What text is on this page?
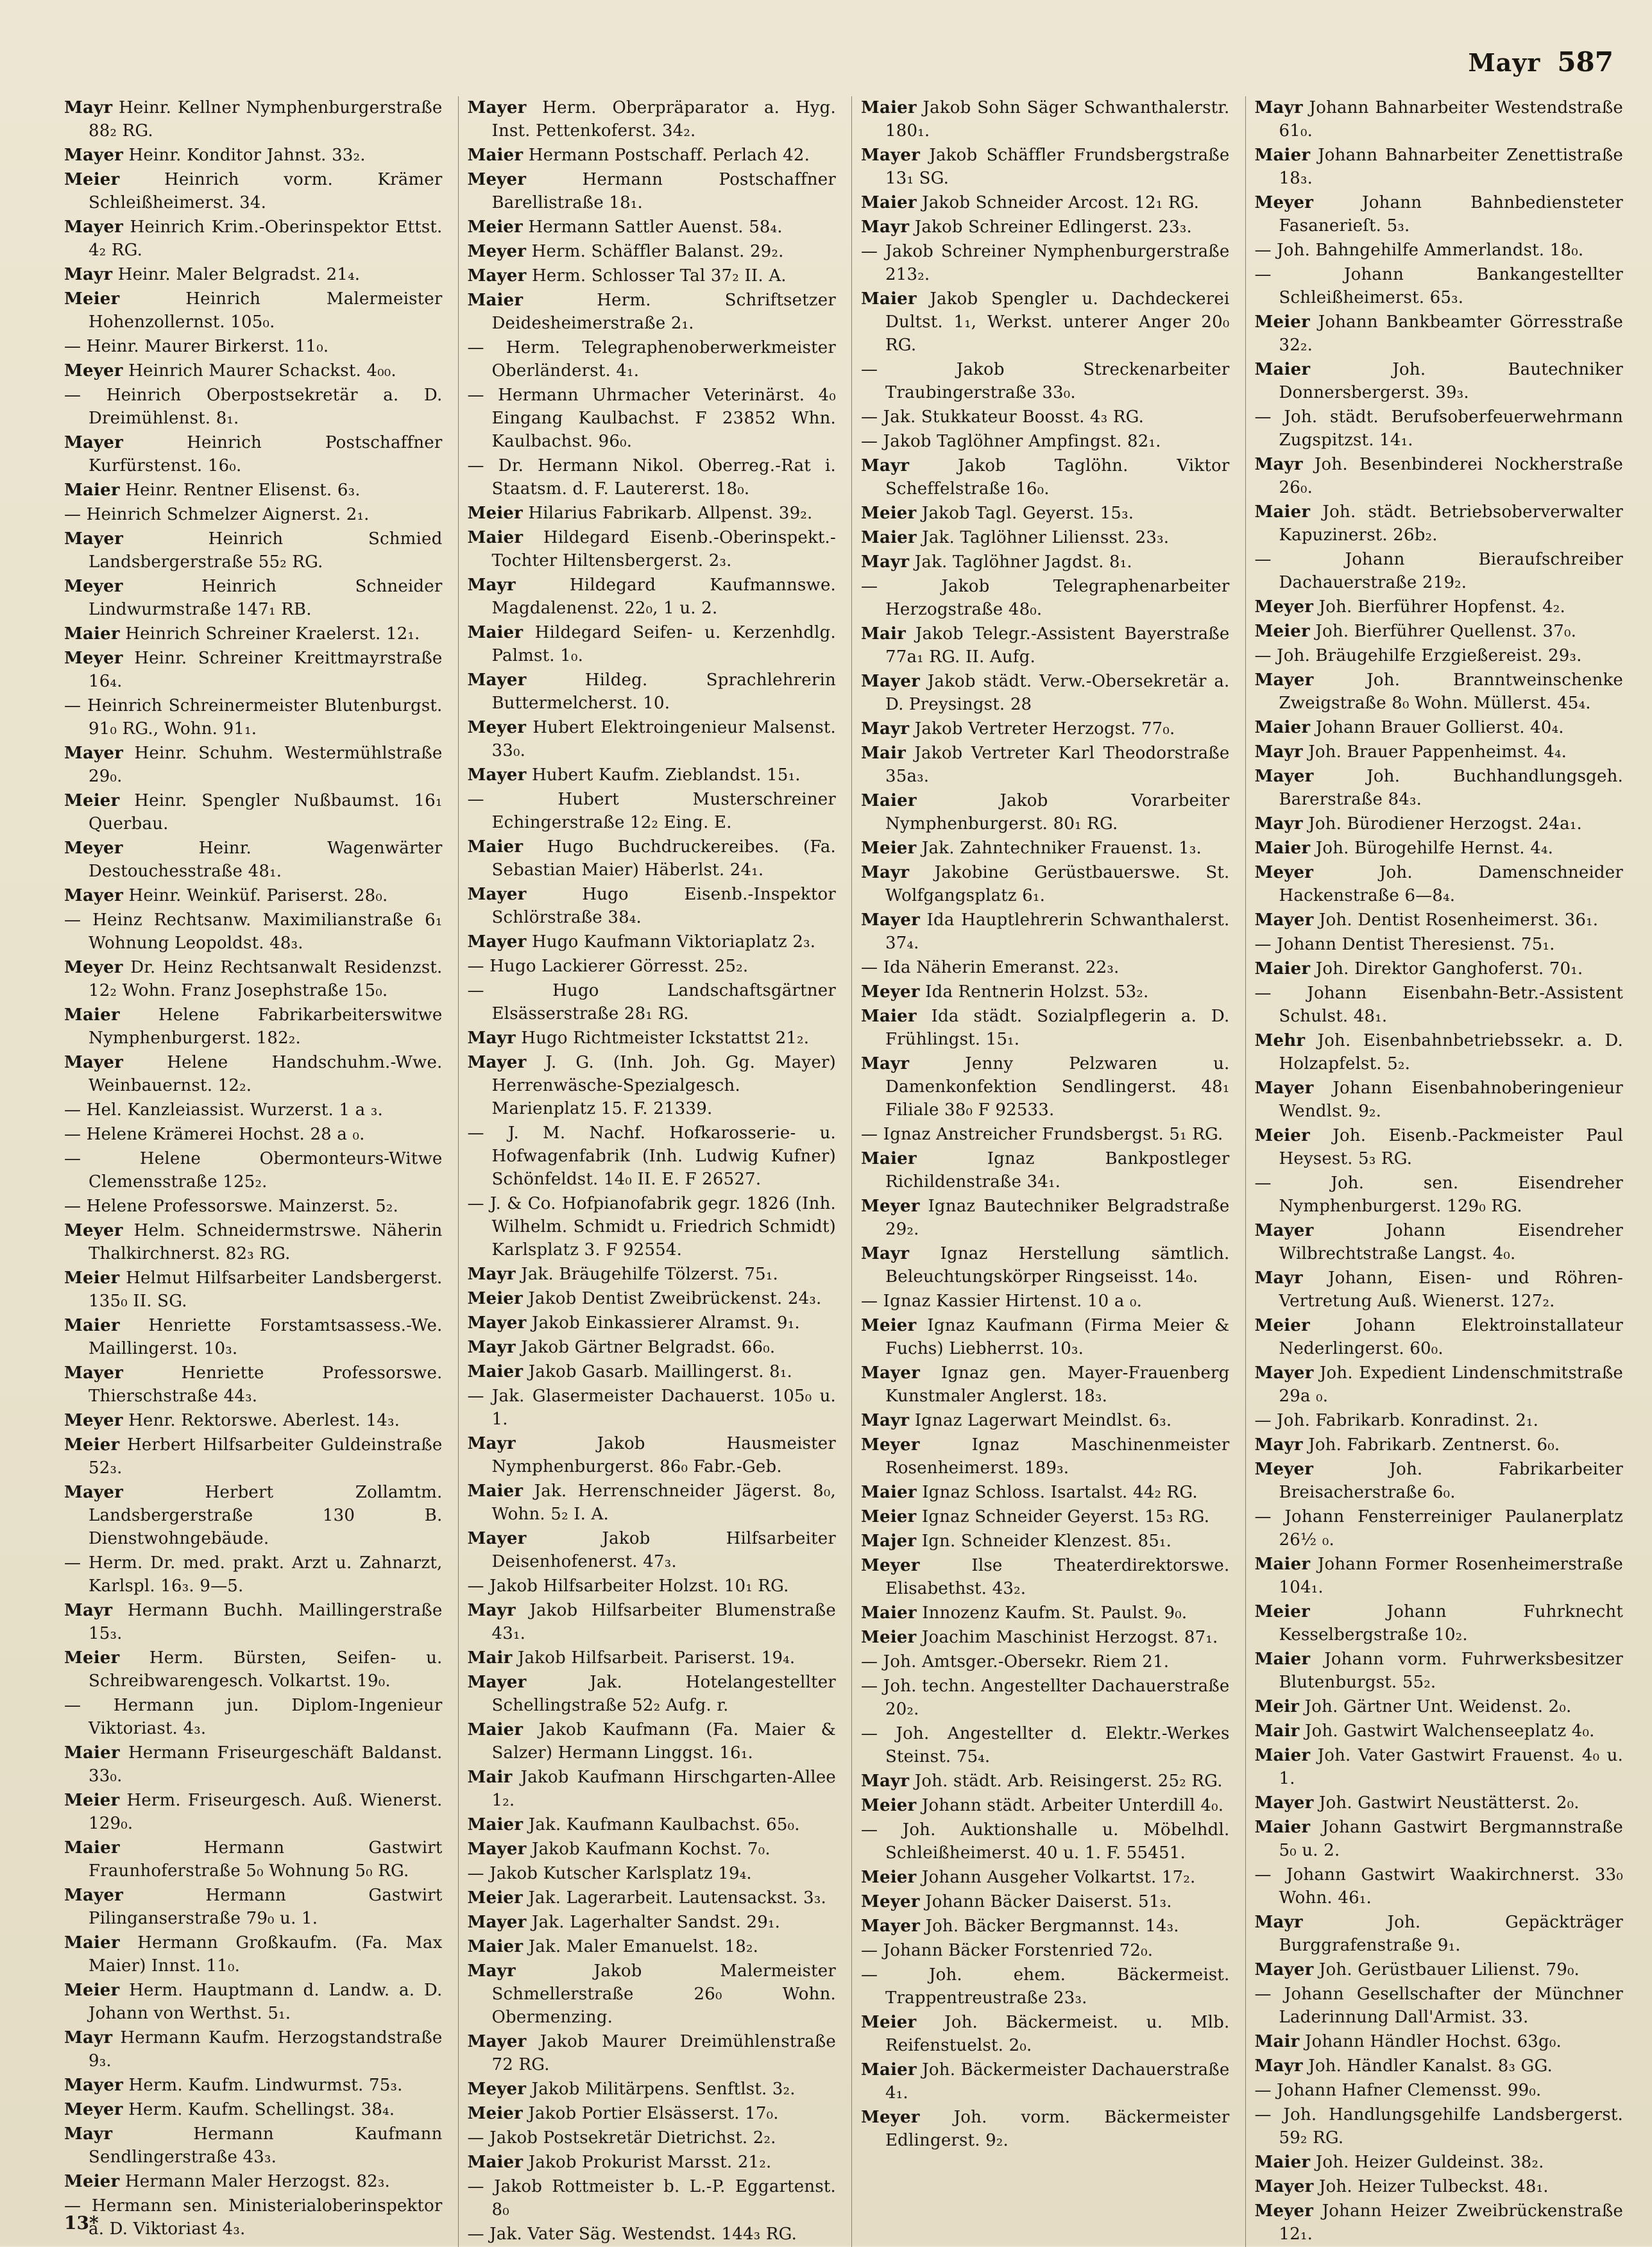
Mayr 587

Mayr Heinr. Kellner Nymphenburgerstraße 88₂ RG.

Mayer Heinr. Konditor Jahnst. 33₂.

Meier Heinrich vorm. Krämer Schleißheimerst. 34.

Mayer Heinrich Krim.-Oberinspektor Ettst. 4₂ RG.

Mayr Heinr. Maler Belgradst. 21₄.

Meier Heinrich Malermeister Hohenzollernst. 105₀.

— Heinr. Maurer Birkerst. 11₀.

Meyer Heinrich Maurer Schackst. 4₀₀.

— Heinrich Oberpostsekretär a. D. Dreimühlenst. 8₁.

Mayer Heinrich Postschaffner Kurfürstenst. 16₀.

Maier Heinr. Rentner Elisenst. 6₃.

— Heinrich Schmelzer Aignerst. 2₁.

Mayer Heinrich Schmied Landsbergerstraße 55₂ RG.

Meyer Heinrich Schneider Lindwurmstraße 147₁ RB.

Maier Heinrich Schreiner Kraelerst. 12₁.

Meyer Heinr. Schreiner Kreittmayrstraße 16₄.

— Heinrich Schreinermeister Blutenburgst. 91₀ RG., Wohn. 91₁.

Mayer Heinr. Schuhm. Westermühlstraße 29₀.

Meier Heinr. Spengler Nußbaumst. 16₁ Querbau.

Meyer Heinr. Wagenwärter Destouchesstraße 48₁.

Mayer Heinr. Weinküf. Pariserst. 28₀.

— Heinz Rechtsanw. Maximilianstraße 6₁ Wohnung Leopoldst. 48₃.

Meyer Dr. Heinz Rechtsanwalt Residenzst. 12₂ Wohn. Franz Josephstraße 15₀.

Maier Helene Fabrikarbeiterswitwe Nymphenburgerst. 182₂.

Mayer Helene Handschuhm.-Wwe. Weinbauernst. 12₂.

— Hel. Kanzleiassist. Wurzerst. 1 a ₃.

— Helene Krämerei Hochst. 28 a ₀.

— Helene Obermonteurs-Witwe Clemensstraße 125₂.

— Helene Professorswe. Mainzerst. 5₂.

Meyer Helm. Schneidermstrswe. Näherin Thalkirchnerst. 82₃ RG.

Meier Helmut Hilfsarbeiter Landsbergerst. 135₀ II. SG.

Maier Henriette Forstamtsassess.-We. Maillingerst. 10₃.

Mayer Henriette Professorswe. Thierschstraße 44₃.

Meyer Henr. Rektorswe. Aberlest. 14₃.

Meier Herbert Hilfsarbeiter Guldeinstraße 52₃.

Mayer Herbert Zollamtm. Landsbergerstraße 130 B. Dienstwohngebäude.

— Herm. Dr. med. prakt. Arzt u. Zahnarzt, Karlspl. 16₃. 9—5.

Mayr Hermann Buchh. Maillingerstraße 15₃.

Meier Herm. Bürsten, Seifen- u. Schreibwarengesch. Volkartst. 19₀.

— Hermann jun. Diplom-Ingenieur Viktoriast. 4₃.

Maier Hermann Friseurgeschäft Baldanst. 33₀.

Meier Herm. Friseurgesch. Auß. Wienerst. 129₀.

Maier Hermann Gastwirt Fraunhoferstraße 5₀ Wohnung 5₀ RG.

Mayer Hermann Gastwirt Pilinganserstraße 79₀ u. 1.

Maier Hermann Großkaufm. (Fa. Max Maier) Innst. 11₀.

Meier Herm. Hauptmann d. Landw. a. D. Johann von Werthst. 5₁.

Mayr Hermann Kaufm. Herzogstandstraße 9₃.

Mayer Herm. Kaufm. Lindwurmst. 75₃.

Meyer Herm. Kaufm. Schellingst. 38₄.

Mayr Hermann Kaufmann Sendlingerstraße 43₃.

Meier Hermann Maler Herzogst. 82₃.

— Hermann sen. Ministerialoberinspektor a. D. Viktoriast 4₃.

Mayer Herm. Oberpräparator a. Hyg. Inst. Pettenkoferst. 34₂.

Maier Hermann Postschaff. Perlach 42.

Meyer Hermann Postschaffner Barellistraße 18₁.

Meier Hermann Sattler Auenst. 58₄.

Meyer Herm. Schäffler Balanst. 29₂.

Mayer Herm. Schlosser Tal 37₂ II. A.

Maier Herm. Schriftsetzer Deidesheimerstraße 2₁.

— Herm. Telegraphenoberwerkmeister Oberländerst. 4₁.

— Hermann Uhrmacher Veterinärst. 4₀ Eingang Kaulbachst. F 23852 Whn. Kaulbachst. 96₀.

— Dr. Hermann Nikol. Oberreg.-Rat i. Staatsm. d. F. Lautererst. 18₀.

Meier Hilarius Fabrikarb. Allpenst. 39₂.

Maier Hildegard Eisenb.-Oberinspekt.-Tochter Hiltensbergerst. 2₃.

Mayr Hildegard Kaufmannswe. Magdalenenst. 22₀, 1 u. 2.

Maier Hildegard Seifen- u. Kerzenhdlg. Palmst. 1₀.

Mayer Hildeg. Sprachlehrerin Buttermelcherst. 10.

Meyer Hubert Elektroingenieur Malsenst. 33₀.

Mayer Hubert Kaufm. Zieblandst. 15₁.

— Hubert Musterschreiner Echingerstraße 12₂ Eing. E.

Maier Hugo Buchdruckereibes. (Fa. Sebastian Maier) Häberlst. 24₁.

Mayer Hugo Eisenb.-Inspektor Schlörstraße 38₄.

Mayer Hugo Kaufmann Viktoriaplatz 2₃.

— Hugo Lackierer Görresst. 25₂.

— Hugo Landschaftsgärtner Elsässerstraße 28₁ RG.

Mayr Hugo Richtmeister Ickstattst 21₂.

Mayer J. G. (Inh. Joh. Gg. Mayer) Herrenwäsche-Spezialgesch. Marienplatz 15. F. 21339.

— J. M. Nachf. Hofkarosserie- u. Hofwagenfabrik (Inh. Ludwig Kufner) Schönfeldst. 14₀ II. E. F 26527.

— J. & Co. Hofpianofabrik gegr. 1826 (Inh. Wilhelm. Schmidt u. Friedrich Schmidt) Karlsplatz 3. F 92554.

Mayr Jak. Bräugehilfe Tölzerst. 75₁.

Meier Jakob Dentist Zweibrückenst. 24₃.

Mayer Jakob Einkassierer Alramst. 9₁.

Mayr Jakob Gärtner Belgradst. 66₀.

Maier Jakob Gasarb. Maillingerst. 8₁.

— Jak. Glasermeister Dachauerst. 105₀ u. 1.

Mayr Jakob Hausmeister Nymphenburgerst. 86₀ Fabr.-Geb.

Maier Jak. Herrenschneider Jägerst. 8₀, Wohn. 5₂ I. A.

Mayer Jakob Hilfsarbeiter Deisenhofenerst. 47₃.

— Jakob Hilfsarbeiter Holzst. 10₁ RG.

Mayr Jakob Hilfsarbeiter Blumenstraße 43₁.

Mair Jakob Hilfsarbeit. Pariserst. 19₄.

Mayer Jak. Hotelangestellter Schellingstraße 52₂ Aufg. r.

Maier Jakob Kaufmann (Fa. Maier & Salzer) Hermann Linggst. 16₁.

Mair Jakob Kaufmann Hirschgarten-Allee 1₂.

Maier Jak. Kaufmann Kaulbachst. 65₀.

Mayer Jakob Kaufmann Kochst. 7₀.

— Jakob Kutscher Karlsplatz 19₄.

Meier Jak. Lagerarbeit. Lautensackst. 3₃.

Mayer Jak. Lagerhalter Sandst. 29₁.

Maier Jak. Maler Emanuelst. 18₂.

Mayr Jakob Malermeister Schmellerstraße 26₀ Wohn. Obermenzing.

Mayer Jakob Maurer Dreimühlenstraße 72 RG.

Meyer Jakob Militärpens. Senftlst. 3₂.

Meier Jakob Portier Elsässerst. 17₀.

— Jakob Postsekretär Dietrichst. 2₂.

Maier Jakob Prokurist Marsst. 21₂.

— Jakob Rottmeister b. L.-P. Eggartenst. 8₀

— Jak. Vater Säg. Westendst. 144₃ RG.

Maier Jakob Sohn Säger Schwanthalerstr. 180₁.

Mayer Jakob Schäffler Frundsbergstraße 13₁ SG.

Maier Jakob Schneider Arcost. 12₁ RG.

Mayr Jakob Schreiner Edlingerst. 23₃.

— Jakob Schreiner Nymphenburgerstraße 213₂.

Maier Jakob Spengler u. Dachdeckerei Dultst. 1₁, Werkst. unterer Anger 20₀ RG.

— Jakob Streckenarbeiter Traubingerstraße 33₀.

— Jak. Stukkateur Boosst. 4₃ RG.

— Jakob Taglöhner Ampfingst. 82₁.

Mayr Jakob Taglöhn. Viktor Scheffelstraße 16₀.

Meier Jakob Tagl. Geyerst. 15₃.

Maier Jak. Taglöhner Liliensst. 23₃.

Mayr Jak. Taglöhner Jagdst. 8₁.

— Jakob Telegraphenarbeiter Herzogstraße 48₀.

Mair Jakob Telegr.-Assistent Bayerstraße 77a₁ RG. II. Aufg.

Mayer Jakob städt. Verw.-Obersekretär a. D. Preysingst. 28

Mayr Jakob Vertreter Herzogst. 77₀.

Mair Jakob Vertreter Karl Theodorstraße 35a₃.

Maier Jakob Vorarbeiter Nymphenburgerst. 80₁ RG.

Meier Jak. Zahntechniker Frauenst. 1₃.

Mayr Jakobine Gerüstbauerswe. St. Wolfgangsplatz 6₁.

Mayer Ida Hauptlehrerin Schwanthalerst. 37₄.

— Ida Näherin Emeranst. 22₃.

Meyer Ida Rentnerin Holzst. 53₂.

Maier Ida städt. Sozialpflegerin a. D. Frühlingst. 15₁.

Mayr Jenny Pelzwaren u. Damenkonfektion Sendlingerst. 48₁ Filiale 38₀ F 92533.

— Ignaz Anstreicher Frundsbergst. 5₁ RG.

Maier Ignaz Bankpostleger Richildenstraße 34₁.

Meyer Ignaz Bautechniker Belgradstraße 29₂.

Mayr Ignaz Herstellung sämtlich. Beleuchtungskörper Ringseisst. 14₀.

— Ignaz Kassier Hirtenst. 10 a ₀.

Meier Ignaz Kaufmann (Firma Meier & Fuchs) Liebherrst. 10₃.

Mayer Ignaz gen. Mayer-Frauenberg Kunstmaler Anglerst. 18₃.

Mayr Ignaz Lagerwart Meindlst. 6₃.

Meyer Ignaz Maschinenmeister Rosenheimerst. 189₃.

Maier Ignaz Schloss. Isartalst. 44₂ RG.

Meier Ignaz Schneider Geyerst. 15₃ RG.

Majer Ign. Schneider Klenzest. 85₁.

Meyer Ilse Theaterdirektorswe. Elisabethst. 43₂.

Maier Innozenz Kaufm. St. Paulst. 9₀.

Meier Joachim Maschinist Herzogst. 87₁.

— Joh. Amtsger.-Obersekr. Riem 21.

— Joh. techn. Angestellter Dachauerstraße 20₂.

— Joh. Angestellter d. Elektr.-Werkes Steinst. 75₄.

Mayr Joh. städt. Arb. Reisingerst. 25₂ RG.

Meier Johann städt. Arbeiter Unterdill 4₀.

— Joh. Auktionshalle u. Möbelhdl. Schleißheimerst. 40 u. 1. F. 55451.

Meier Johann Ausgeher Volkartst. 17₂.

Meyer Johann Bäcker Daiserst. 51₃.

Mayer Joh. Bäcker Bergmannst. 14₃.

— Johann Bäcker Forstenried 72₀.

— Joh. ehem. Bäckermeist. Trappentreustraße 23₃.

Meier Joh. Bäckermeist. u. Mlb. Reifenstuelst. 2₀.

Maier Joh. Bäckermeister Dachauerstraße 4₁.

Meyer Joh. vorm. Bäckermeister Edlingerst. 9₂.

Mayr Johann Bahnarbeiter Westendstraße 61₀.

Maier Johann Bahnarbeiter Zenettistraße 18₃.

Meyer Johann Bahnbediensteter Fasanerieſt. 5₃.

— Joh. Bahngehilfe Ammerlandst. 18₀.

— Johann Bankangestellter Schleißheimerst. 65₃.

Meier Johann Bankbeamter Görresstraße 32₂.

Maier Joh. Bautechniker Donnersbergerst. 39₃.

— Joh. städt. Berufsoberfeuerwehrmann Zugspitzst. 14₁.

Mayr Joh. Besenbinderei Nockherstraße 26₀.

Maier Joh. städt. Betriebsoberverwalter Kapuzinerst. 26b₂.

— Johann Bieraufschreiber Dachauerstraße 219₂.

Meyer Joh. Bierführer Hopfenst. 4₂.

Meier Joh. Bierführer Quellenst. 37₀.

— Joh. Bräugehilfe Erzgießereist. 29₃.

Mayer Joh. Branntweinschenke Zweigstraße 8₀ Wohn. Müllerst. 45₄.

Maier Johann Brauer Gollierst. 40₄.

Mayr Joh. Brauer Pappenheimst. 4₄.

Mayer Joh. Buchhandlungsgeh. Barerstraße 84₃.

Mayr Joh. Bürodiener Herzogst. 24a₁.

Maier Joh. Bürogehilfe Hernst. 4₄.

Meyer Joh. Damenschneider Hackenstraße 6—8₄.

Mayer Joh. Dentist Rosenheimerst. 36₁.

— Johann Dentist Theresienst. 75₁.

Maier Joh. Direktor Ganghoferst. 70₁.

— Johann Eisenbahn-Betr.-Assistent Schulst. 48₁.

Mehr Joh. Eisenbahnbetriebssekr. a. D. Holzapfelst. 5₂.

Mayer Johann Eisenbahnoberingenieur Wendlst. 9₂.

Meier Joh. Eisenb.-Packmeister Paul Heysest. 5₃ RG.

— Joh. sen. Eisendreher Nymphenburgerst. 129₀ RG.

Mayer Johann Eisendreher Wilbrechtstraße Langst. 4₀.

Mayr Johann, Eisen- und Röhren-Vertretung Auß. Wienerst. 127₂.

Meier Johann Elektroinstallateur Nederlingerst. 60₀.

Mayer Joh. Expedient Lindenschmitstraße 29a ₀.

— Joh. Fabrikarb. Konradinst. 2₁.

Mayr Joh. Fabrikarb. Zentnerst. 6₀.

Meyer Joh. Fabrikarbeiter Breisacherstraße 6₀.

— Johann Fensterreiniger Paulanerplatz 26½ ₀.

Maier Johann Former Rosenheimerstraße 104₁.

Meier Johann Fuhrknecht Kesselbergstraße 10₂.

Maier Johann vorm. Fuhrwerksbesitzer Blutenburgst. 55₂.

Meir Joh. Gärtner Unt. Weidenst. 2₀.

Mair Joh. Gastwirt Walchenseeplatz 4₀.

Maier Joh. Vater Gastwirt Frauenst. 4₀ u. 1.

Mayer Joh. Gastwirt Neustätterst. 2₀.

Maier Johann Gastwirt Bergmannstraße 5₀ u. 2.

— Johann Gastwirt Waakirchnerst. 33₀ Wohn. 46₁.

Mayr Joh. Gepäckträger Burggrafenstraße 9₁.

Mayer Joh. Gerüstbauer Lilienst. 79₀.

— Johann Gesellschafter der Münchner Laderinnung Dall'Armist. 33.

Mair Johann Händler Hochst. 63g₀.

Mayr Joh. Händler Kanalst. 8₃ GG.

— Johann Hafner Clemensst. 99₀.

— Joh. Handlungsgehilfe Landsbergerst. 59₂ RG.

Maier Joh. Heizer Guldeinst. 38₂.

Mayer Joh. Heizer Tulbeckst. 48₁.

Meyer Johann Heizer Zweibrückenstraße 12₁.

13*
